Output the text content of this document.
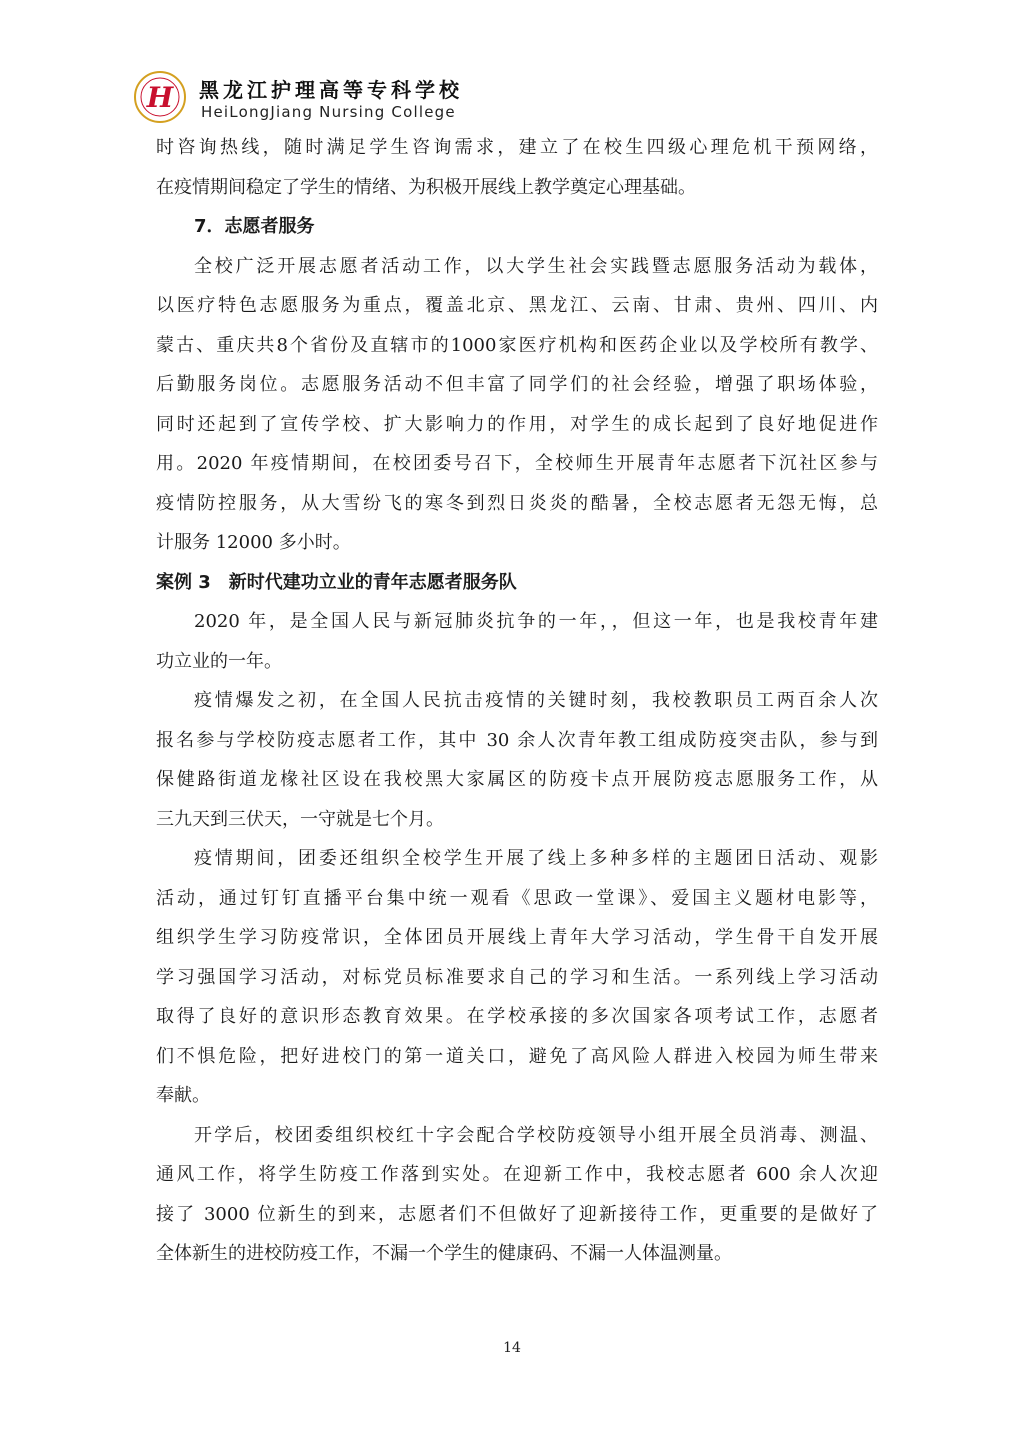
H 黑龙江护理高等专科学校
HeiLongJiang Nursing College
时咨询热线，随时满足学生咨询需求，建立了在校生四级心理危机干预网络，
在疫情期间稳定了学生的情绪、为积极开展线上教学奠定心理基础。
7．志愿者服务
全校广泛开展志愿者活动工作，以大学生社会实践暨志愿服务活动为载体，
以医疗特色志愿服务为重点，覆盖北京、黑龙江、云南、甘肃、贵州、四川、内
蒙古、重庆共8个省份及直辖市的1000家医疗机构和医药企业以及学校所有教学、
后勤服务岗位。志愿服务活动不但丰富了同学们的社会经验，增强了职场体验，
同时还起到了宣传学校、扩大影响力的作用，对学生的成长起到了良好地促进作
用。2020 年疫情期间，在校团委号召下，全校师生开展青年志愿者下沉社区参与
疫情防控服务，从大雪纷飞的寒冬到烈日炎炎的酷暑，全校志愿者无怨无悔，总
计服务 12000 多小时。
案例 3　新时代建功立业的青年志愿者服务队
2020 年，是全国人民与新冠肺炎抗争的一年，，但这一年，也是我校青年建
功立业的一年。
疫情爆发之初，在全国人民抗击疫情的关键时刻，我校教职员工两百余人次
报名参与学校防疫志愿者工作，其中 30 余人次青年教工组成防疫突击队，参与到
保健路街道龙椽社区设在我校黑大家属区的防疫卡点开展防疫志愿服务工作，从
三九天到三伏天，一守就是七个月。
疫情期间，团委还组织全校学生开展了线上多种多样的主题团日活动、观影
活动，通过钉钉直播平台集中统一观看《思政一堂课》、爱国主义题材电影等，
组织学生学习防疫常识，全体团员开展线上青年大学习活动，学生骨干自发开展
学习强国学习活动，对标党员标准要求自己的学习和生活。一系列线上学习活动
取得了良好的意识形态教育效果。在学校承接的多次国家各项考试工作，志愿者
们不惧危险，把好进校门的第一道关口，避免了高风险人群进入校园为师生带来
奉献。
开学后，校团委组织校红十字会配合学校防疫领导小组开展全员消毒、测温、
通风工作，将学生防疫工作落到实处。在迎新工作中，我校志愿者 600 余人次迎
接了 3000 位新生的到来，志愿者们不但做好了迎新接待工作，更重要的是做好了
全体新生的进校防疫工作，不漏一个学生的健康码、不漏一人体温测量。
14
